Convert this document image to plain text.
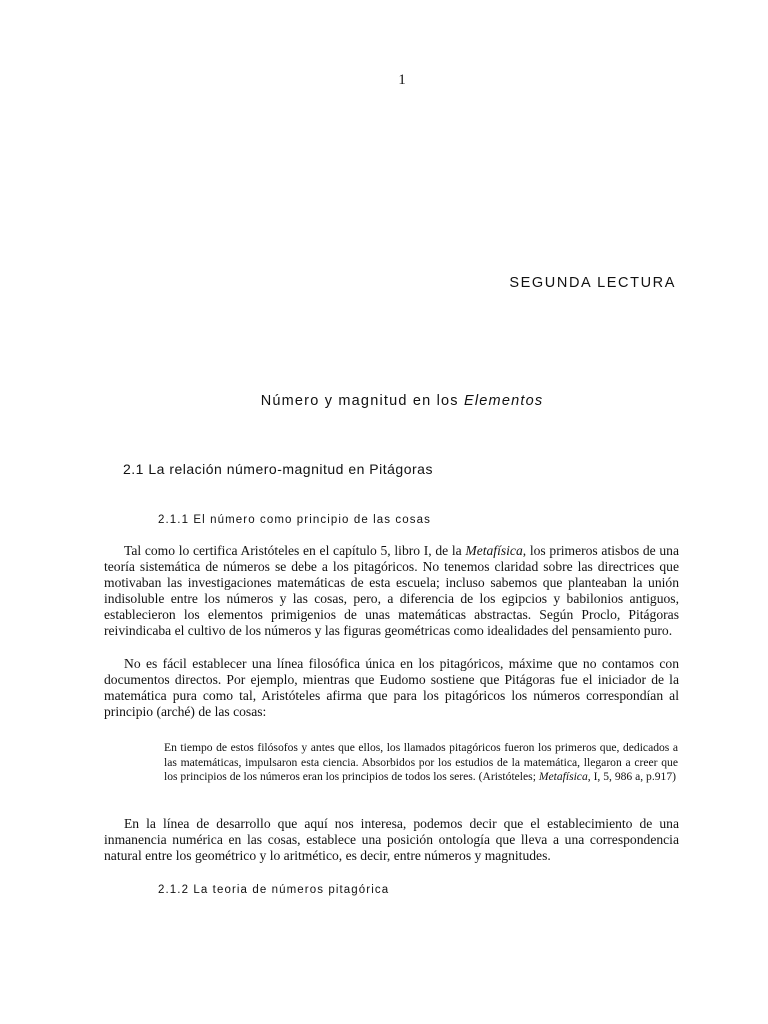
1
SEGUNDA LECTURA
Número y magnitud en los Elementos
2.1 La relación número-magnitud en Pitágoras
2.1.1 El número como principio de las cosas

Tal como lo certifica Aristóteles en el capítulo 5, libro I, de la Metafísica, los primeros atisbos de una teoría sistemática de números se debe a los pitagóricos. No tenemos claridad sobre las directrices que motivaban las investigaciones matemáticas de esta escuela; incluso sabemos que planteaban la unión indisoluble entre los números y las cosas, pero, a diferencia de los egipcios y babilonios antiguos, establecieron los elementos primigenios de unas matemáticas abstractas. Según Proclo, Pitágoras reivindicaba el cultivo de los números y las figuras geométricas como idealidades del pensamiento puro.

No es fácil establecer una línea filosófica única en los pitagóricos, máxime que no contamos con documentos directos. Por ejemplo, mientras que Eudomo sostiene que Pitágoras fue el iniciador de la matemática pura como tal, Aristóteles afirma que para los pitagóricos los números correspondían al principio (arché) de las cosas:

En tiempo de estos filósofos y antes que ellos, los llamados pitagóricos fueron los primeros que, dedicados a las matemáticas, impulsaron esta ciencia. Absorbidos por los estudios de la matemática, llegaron a creer que los principios de los números eran los principios de todos los seres. (Aristóteles; Metafísica, I, 5, 986 a, p.917)

En la línea de desarrollo que aquí nos interesa, podemos decir que el establecimiento de una inmanencia numérica en las cosas, establece una posición ontología que lleva a una correspondencia natural entre los geométrico y lo aritmético, es decir, entre números y magnitudes.

2.1.2 La teoria de números pitagórica
